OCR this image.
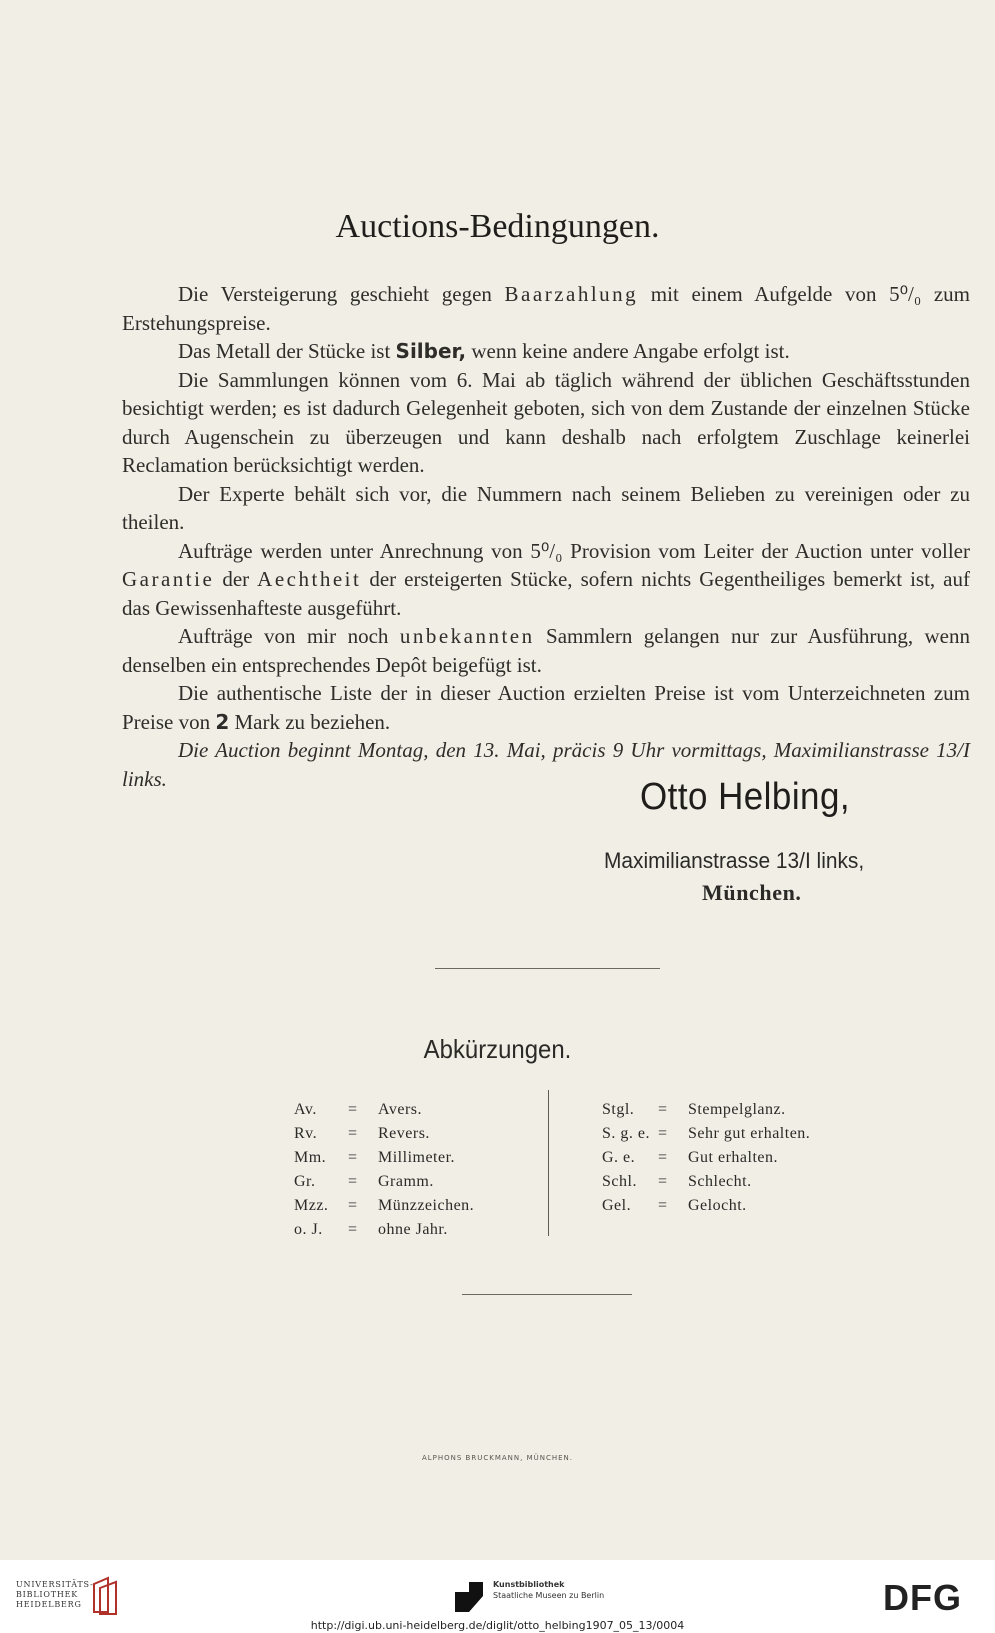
Auctions-Bedingungen.

Die Versteigerung geschieht gegen Baarzahlung mit einem Aufgelde von 5⁰/₀ zum Erstehungspreise.

Das Metall der Stücke ist Silber, wenn keine andere Angabe erfolgt ist.

Die Sammlungen können vom 6. Mai ab täglich während der üblichen Geschäftsstunden besichtigt werden; es ist dadurch Gelegenheit geboten, sich von dem Zustande der einzelnen Stücke durch Augenschein zu überzeugen und kann deshalb nach erfolgtem Zuschlage keinerlei Reclamation berücksichtigt werden.

Der Experte behält sich vor, die Nummern nach seinem Belieben zu vereinigen oder zu theilen.

Aufträge werden unter Anrechnung von 5⁰/₀ Provision vom Leiter der Auction unter voller Garantie der Aechtheit der ersteigerten Stücke, sofern nichts Gegentheiliges bemerkt ist, auf das Gewissenhafteste ausgeführt.

Aufträge von mir noch unbekannten Sammlern gelangen nur zur Ausführung, wenn denselben ein entsprechendes Depôt beigefügt ist.

Die authentische Liste der in dieser Auction erzielten Preise ist vom Unterzeichneten zum Preise von 2 Mark zu beziehen.

Die Auction beginnt Montag, den 13. Mai, präcis 9 Uhr vormittags, Maximilianstrasse 13/I links.	Otto Helbing,
Maximilianstrasse 13/I links,
München.
Abkürzungen.
Av. = Avers.
Rv. = Revers.
Mm. = Millimeter.
Gr. = Gramm.
Mzz. = Münzzeichen.
o. J. = ohne Jahr.
Stgl. = Stempelglanz.
S. g. e. = Sehr gut erhalten.
G. e. = Gut erhalten.
Schl. = Schlecht.
Gel. = Gelocht.
ALPHONS BRUCKMANN, MÜNCHEN.
UNIVERSITÄTS-
BIBLIOTHEK
HEIDELBERG
Kunstbibliothek
Staatliche Museen zu Berlin	DFG
http://digi.ub.uni-heidelberg.de/diglit/otto_helbing1907_05_13/0004
